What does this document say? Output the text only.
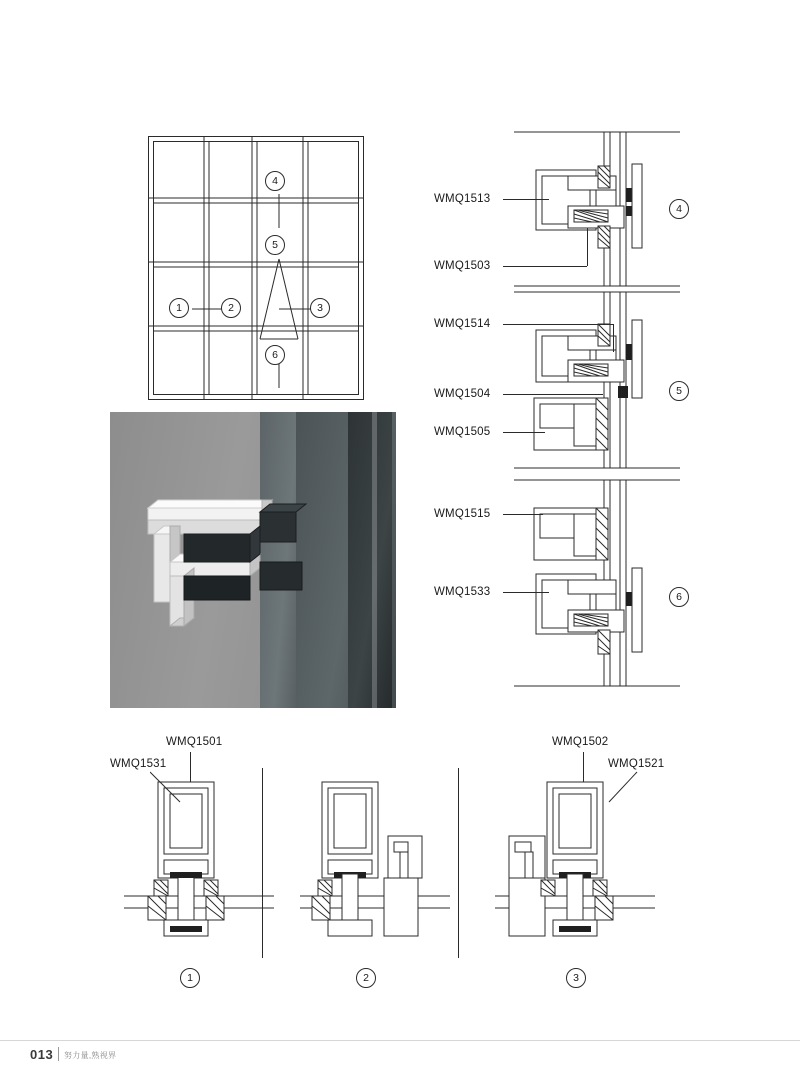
4
5
6
1	2	3
WMQ1513
WMQ1503
4
WMQ1514
WMQ1504
WMQ1505
5
WMQ1515
WMQ1533	6
WMQ1501
WMQ1531
1	2
WMQ1502
WMQ1521
3
013 努力量,熟视界
